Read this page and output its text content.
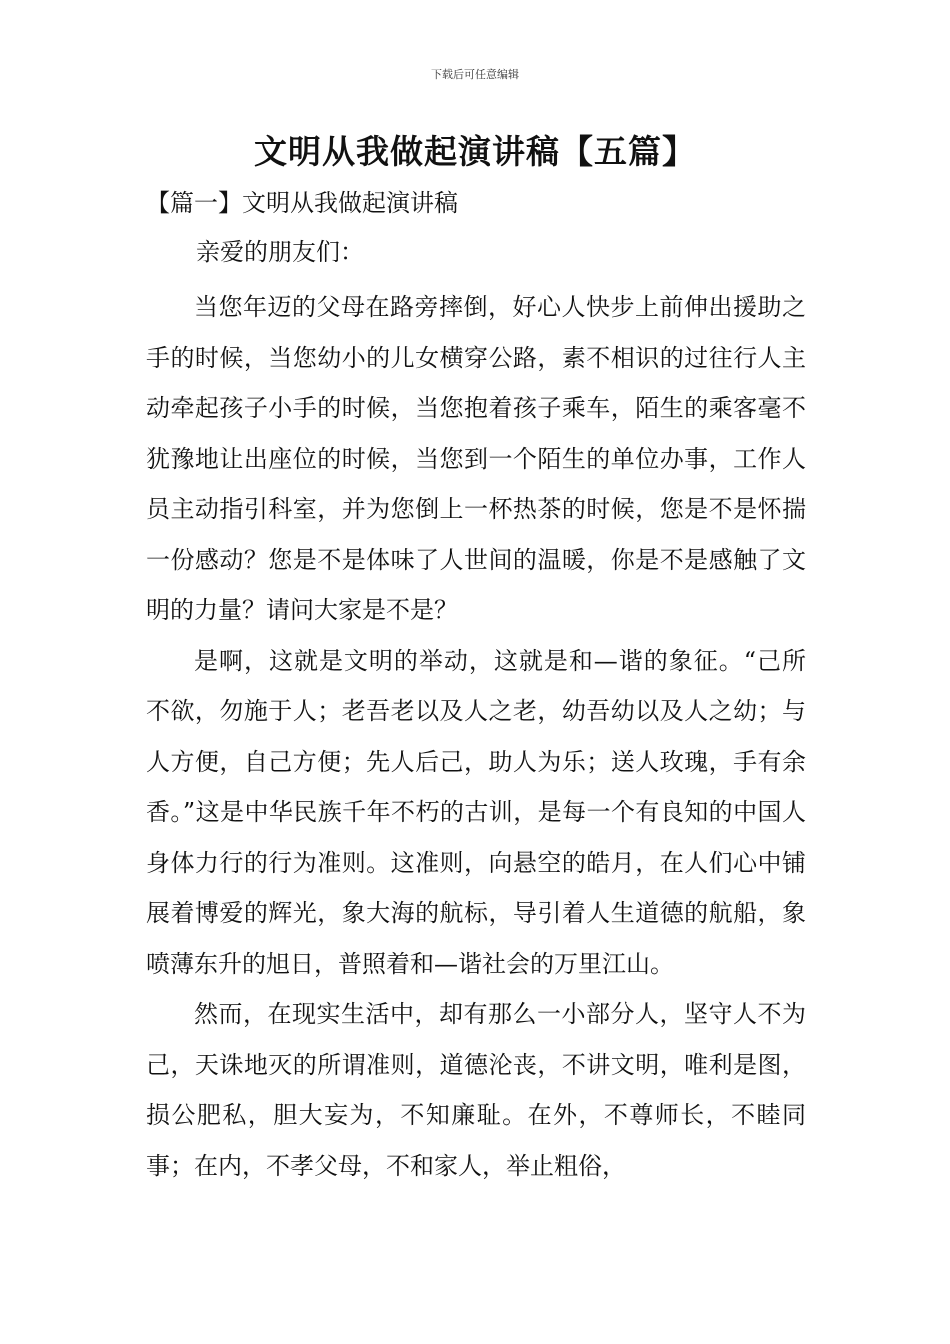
下载后可任意编辑
文明从我做起演讲稿【五篇】
【篇一】文明从我做起演讲稿

亲爱的朋友们：

当您年迈的父母在路旁摔倒，好心人快步上前伸出援助之手的时候，当您幼小的儿女横穿公路，素不相识的过往行人主动牵起孩子小手的时候，当您抱着孩子乘车，陌生的乘客毫不犹豫地让出座位的时候，当您到一个陌生的单位办事，工作人员主动指引科室，并为您倒上一杯热茶的时候，您是不是怀揣一份感动？您是不是体味了人世间的温暖，你是不是感触了文明的力量？请问大家是不是？

是啊，这就是文明的举动，这就是和—谐的象征。“己所不欲，勿施于人；老吾老以及人之老，幼吾幼以及人之幼；与人方便，自己方便；先人后己，助人为乐；送人玫瑰，手有余香。”这是中华民族千年不朽的古训，是每一个有良知的中国人身体力行的行为准则。这准则，向悬空的皓月，在人们心中铺展着博爱的辉光，象大海的航标，导引着人生道德的航船，象喷薄东升的旭日，普照着和—谐社会的万里江山。

然而，在现实生活中，却有那么一小部分人，坚守人不为己，天诛地灭的所谓准则，道德沦丧，不讲文明，唯利是图，损公肥私，胆大妄为，不知廉耻。在外，不尊师长，不睦同事；在内，不孝父母，不和家人，举止粗俗，
